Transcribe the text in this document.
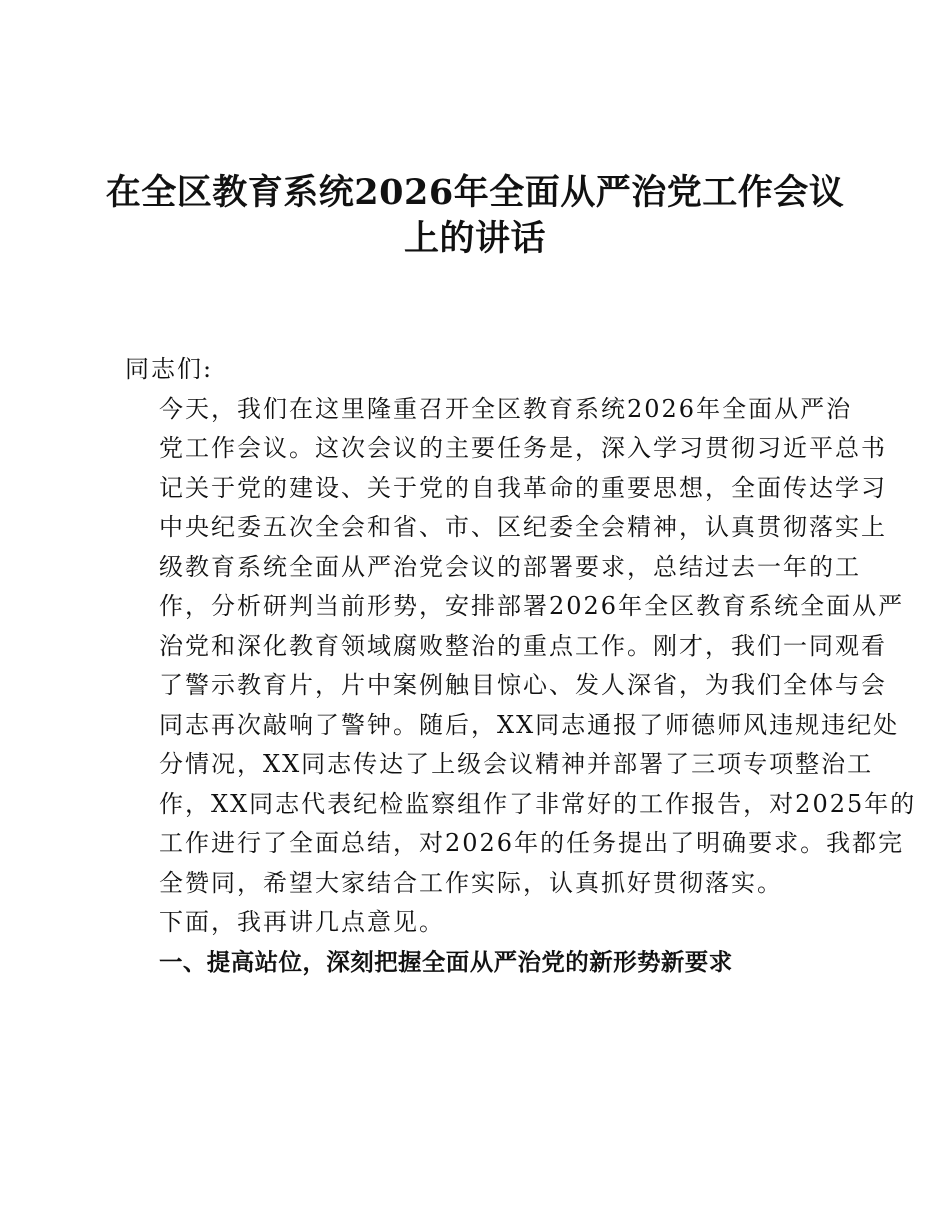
在全区教育系统2026年全面从严治党工作会议
上的讲话

同志们:

今天，我们在这里隆重召开全区教育系统2026年全面从严治
党工作会议。这次会议的主要任务是，深入学习贯彻习近平总书
记关于党的建设、关于党的自我革命的重要思想，全面传达学习
中央纪委五次全会和省、市、区纪委全会精神，认真贯彻落实上
级教育系统全面从严治党会议的部署要求，总结过去一年的工
作，分析研判当前形势，安排部署2026年全区教育系统全面从严
治党和深化教育领域腐败整治的重点工作。刚才，我们一同观看
了警示教育片，片中案例触目惊心、发人深省，为我们全体与会
同志再次敲响了警钟。随后，XX同志通报了师德师风违规违纪处
分情况，XX同志传达了上级会议精神并部署了三项专项整治工
作，XX同志代表纪检监察组作了非常好的工作报告，对2025年的
工作进行了全面总结，对2026年的任务提出了明确要求。我都完
全赞同，希望大家结合工作实际，认真抓好贯彻落实。

下面，我再讲几点意见。

一、提高站位，深刻把握全面从严治党的新形势新要求
